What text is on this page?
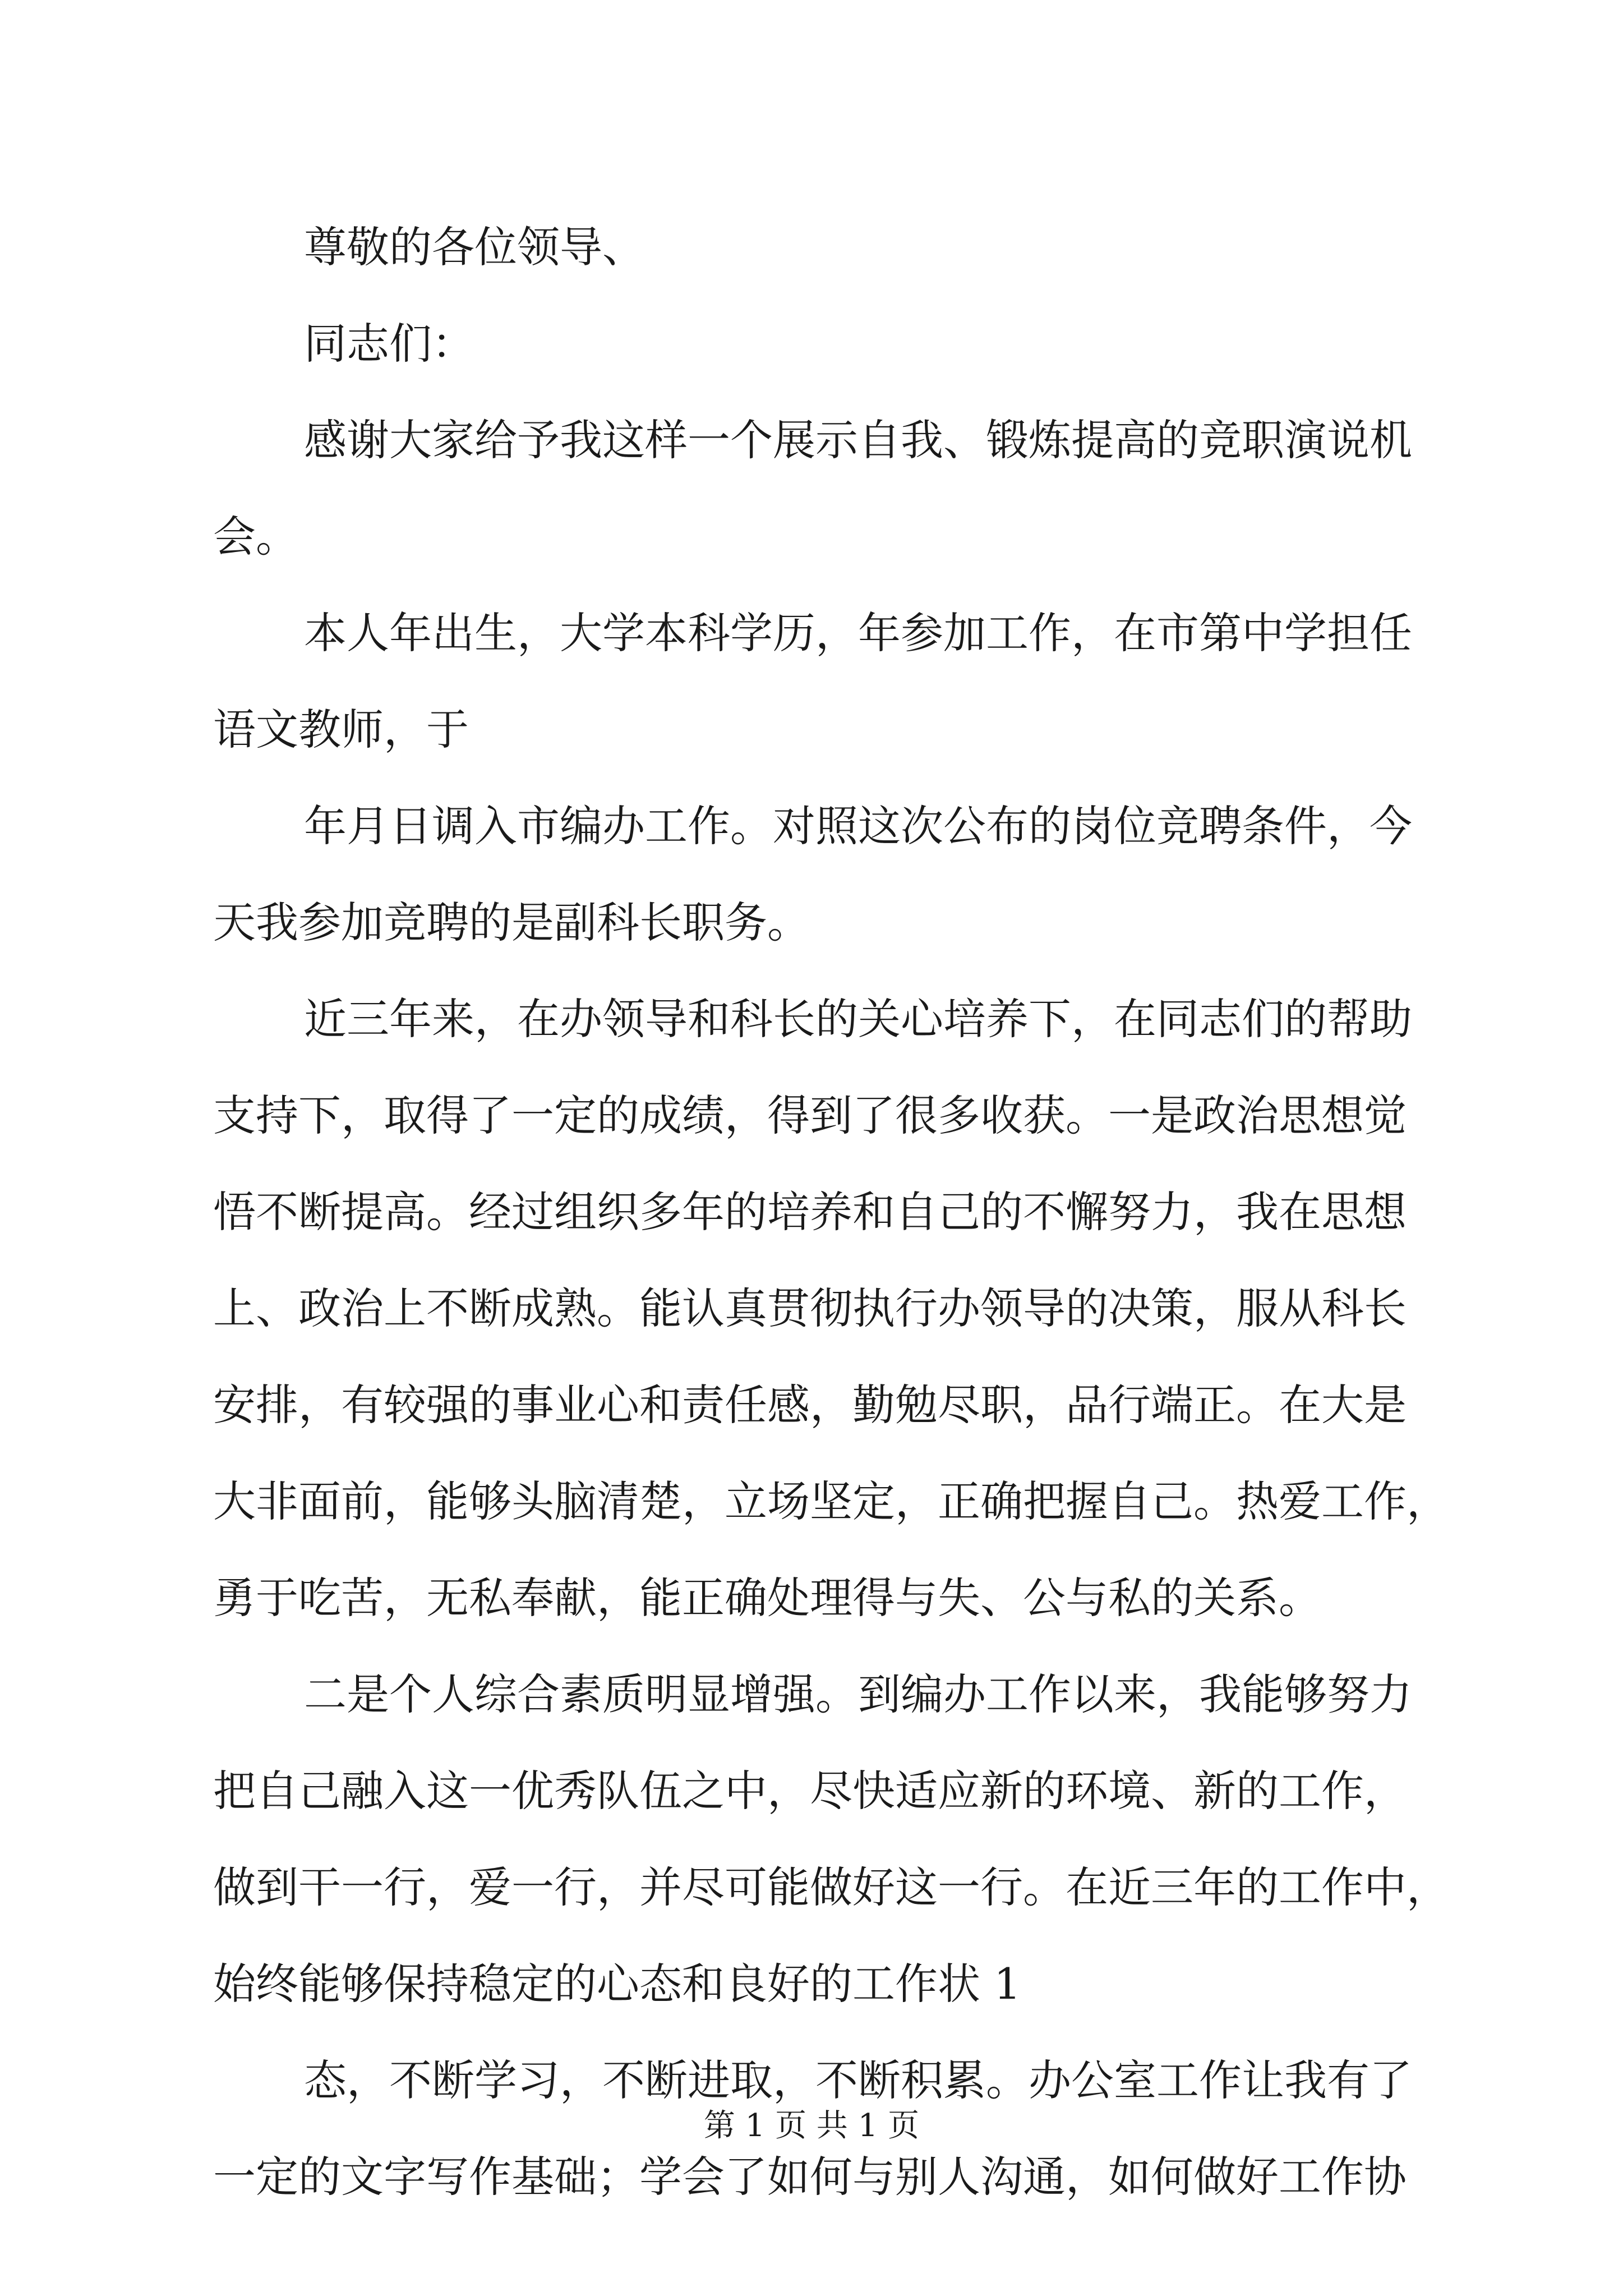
尊敬的各位领导、

同志们：

感谢大家给予我这样一个展示自我、锻炼提高的竞职演说机

会。

本人年出生，大学本科学历，年参加工作，在市第中学担任

语文教师，于

年月日调入市编办工作。对照这次公布的岗位竞聘条件，今

天我参加竞聘的是副科长职务。

近三年来，在办领导和科长的关心培养下，在同志们的帮助

支持下，取得了一定的成绩，得到了很多收获。一是政治思想觉

悟不断提高。经过组织多年的培养和自己的不懈努力，我在思想

上、政治上不断成熟。能认真贯彻执行办领导的决策，服从科长

安排，有较强的事业心和责任感，勤勉尽职，品行端正。在大是

大非面前，能够头脑清楚，立场坚定，正确把握自己。热爱工作，

勇于吃苦，无私奉献，能正确处理得与失、公与私的关系。

二是个人综合素质明显增强。到编办工作以来，我能够努力

把自己融入这一优秀队伍之中，尽快适应新的环境、新的工作，

做到干一行，爱一行，并尽可能做好这一行。在近三年的工作中，

始终能够保持稳定的心态和良好的工作状 1

态，不断学习，不断进取，不断积累。办公室工作让我有了

一定的文字写作基础；学会了如何与别人沟通，如何做好工作协

第 1 页 共 1 页
